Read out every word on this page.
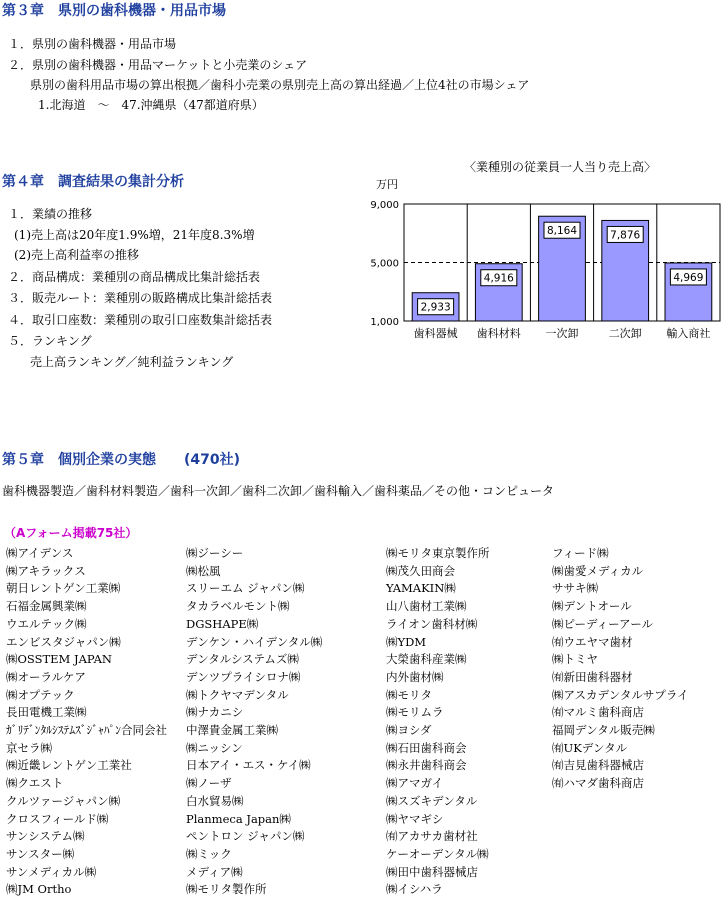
第３章　県別の歯科機器・用品市場
１．県別の歯科機器・用品市場
２．県別の歯科機器・用品マーケットと小売業のシェア
県別の歯科用品市場の算出根拠／歯科小売業の県別売上高の算出経過／上位4社の市場シェア
1.北海道　～　47.沖縄県（47都道府県）
第４章　調査結果の集計分析
１．業績の推移
(1)売上高は20年度1.9%増，21年度8.3%増
(2)売上高利益率の推移
２．商品構成：業種別の商品構成比集計総括表
３．販売ルート：業種別の販路構成比集計総括表
４．取引口座数：業種別の取引口座数集計総括表
５．ランキング
売上高ランキング／純利益ランキング
〈業種別の従業員一人当り売上高〉
万円
1,000
5,000
9,000
2,933
歯科器械
4,916
歯科材料
8,164
一次卸
7,876
二次卸
4,969
輸入商社
第５章　個別企業の実態　　(470社)
歯科機器製造／歯科材料製造／歯科一次卸／歯科二次卸／歯科輸入／歯科薬品／その他・コンピュータ
（Aフォーム掲載75社）
㈱アイデンス
㈱アキラックス
朝日レントゲン工業㈱
石福金属興業㈱
ウエルテック㈱
エンビスタジャパン㈱
㈱OSSTEM JAPAN
㈱オーラルケア
㈱オプテック
長田電機工業㈱
ｶﾞﾘﾃﾞﾝﾀﾙｼｽﾃﾑｽﾞｼﾞｬﾊﾟﾝ合同会社
京セラ㈱
㈱近畿レントゲン工業社
㈱クエスト
クルツァージャパン㈱
クロスフィールド㈱
サンシステム㈱
サンスター㈱
サンメディカル㈱
㈱JM Ortho
㈱ジーシー
㈱松風
スリーエム ジャパン㈱
タカラベルモント㈱
DGSHAPE㈱
デンケン・ハイデンタル㈱
デンタルシステムズ㈱
デンツプライシロナ㈱
㈱トクヤマデンタル
㈱ナカニシ
中澤貴金属工業㈱
㈱ニッシン
日本アイ・エス・ケイ㈱
㈱ノーザ
白水貿易㈱
Planmeca Japan㈱
ペントロン ジャパン㈱
㈱ミック
メディア㈱
㈱モリタ製作所
㈱モリタ東京製作所
㈱茂久田商会
YAMAKIN㈱
山八歯材工業㈱
ライオン歯科材㈱
㈱YDM
大榮歯科産業㈱
内外歯材㈱
㈱モリタ
㈱モリムラ
㈱ヨシダ
㈱石田歯科商会
㈱永井歯科商会
㈱アマガイ
㈱スズキデンタル
㈱ヤマギシ
㈲アカサカ歯材社
ケーオーデンタル㈱
㈱田中歯科器械店
㈱イシハラ
フィード㈱
㈱歯愛メディカル
ササキ㈱
㈱デントオール
㈱ピーディーアール
㈲ウエヤマ歯材
㈱トミヤ
㈲新田歯科器材
㈱アスカデンタルサプライ
㈲マルミ歯科商店
福岡デンタル販売㈱
㈲UKデンタル
㈲吉見歯科器械店
㈲ハマダ歯科商店
